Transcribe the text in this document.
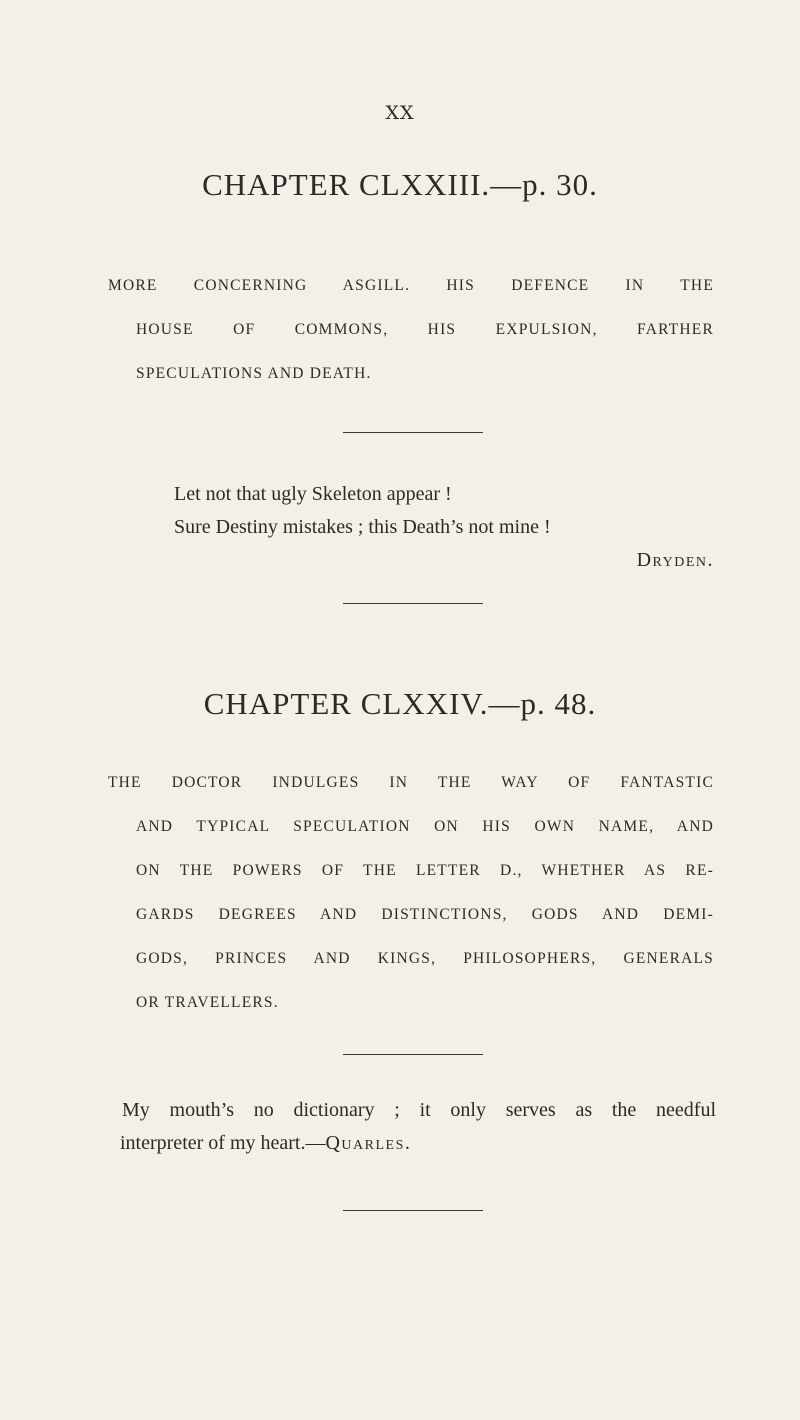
XX
CHAPTER CLXXIII.—p. 30.
MORE CONCERNING ASGILL. HIS DEFENCE IN THE
HOUSE OF COMMONS, HIS EXPULSION, FARTHER
SPECULATIONS AND DEATH.
Let not that ugly Skeleton appear !
Sure Destiny mistakes ; this Death’s not mine !
Dryden.
CHAPTER CLXXIV.—p. 48.
THE DOCTOR INDULGES IN THE WAY OF FANTASTIC
AND TYPICAL SPECULATION ON HIS OWN NAME, AND
ON THE POWERS OF THE LETTER D., WHETHER AS RE-
GARDS DEGREES AND DISTINCTIONS, GODS AND DEMI-
GODS, PRINCES AND KINGS, PHILOSOPHERS, GENERALS
OR TRAVELLERS.
My mouth’s no dictionary ; it only serves as the needful
interpreter of my heart.—Quarles.
